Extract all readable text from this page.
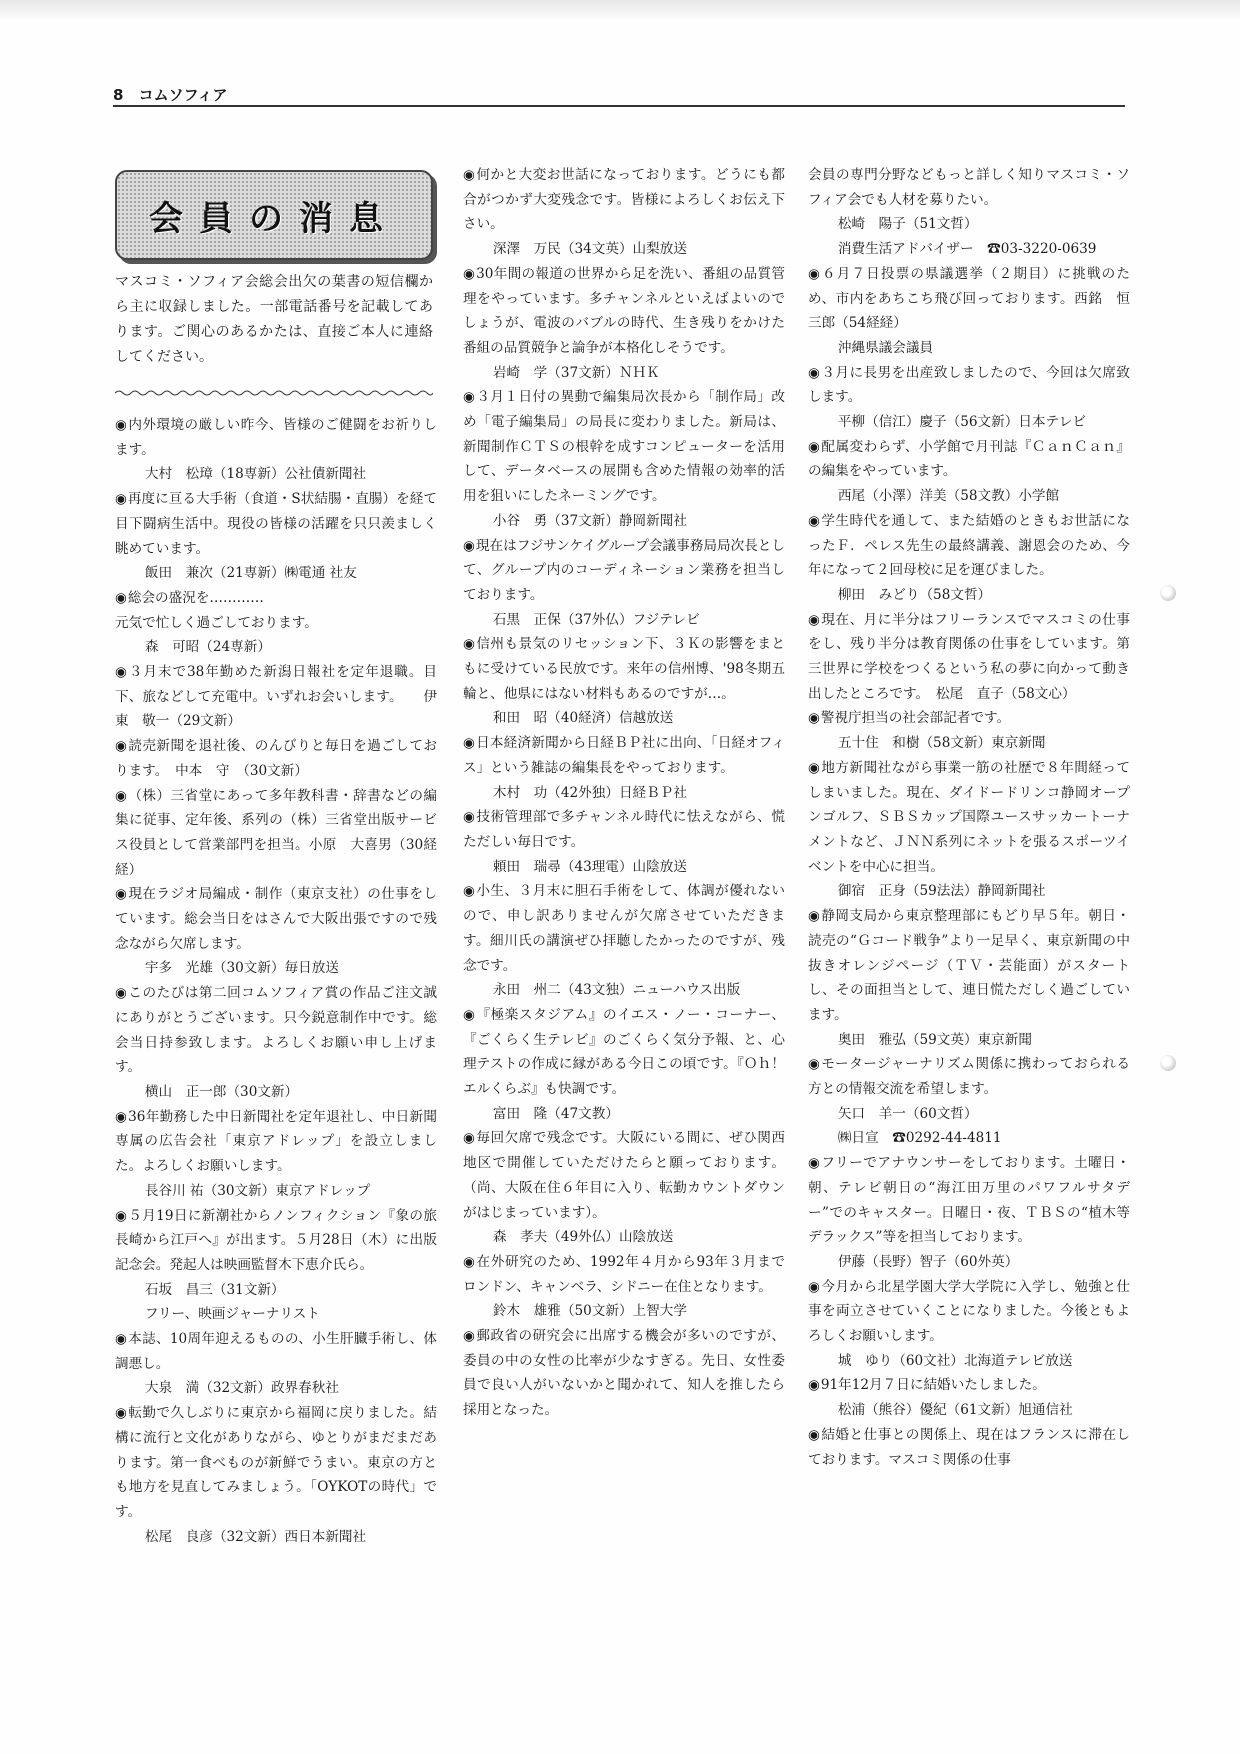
8 コムソフィア
会員の消息
マスコミ・ソフィア会総会出欠の葉書の短信欄から主に収録しました。一部電話番号を記載してあります。ご関心のあるかたは、直接ご本人に連絡してください。

◉内外環境の厳しい昨今、皆様のご健闘をお祈りします。

大村　松璋（18専新）公社債新聞社

◉再度に亘る大手術（食道・S状結腸・直腸）を経て目下闘病生活中。現役の皆様の活躍を只只羨ましく眺めています。

飯田　兼次（21専新）㈱電通 社友

◉総会の盛況を…………

元気で忙しく過ごしております。

森　可昭（24専新）

◉３月末で38年勤めた新潟日報社を定年退職。目下、旅などして充電中。いずれお会いします。　　伊東　敬一（29文新）

◉読売新聞を退社後、のんびりと毎日を過ごしております。　中本　守　（30文新）

◉（株）三省堂にあって多年教科書・辞書などの編集に従事、定年後、系列の（株）三省堂出版サービス役員として営業部門を担当。小原　大喜男（30経経）

◉現在ラジオ局編成・制作（東京支社）の仕事をしています。総会当日をはさんで大阪出張ですので残念ながら欠席します。

宇多　光雄（30文新）毎日放送

◉このたびは第二回コムソフィア賞の作品ご注文誠にありがとうございます。只今鋭意制作中です。総会当日持参致します。よろしくお願い申し上げます。

横山　正一郎（30文新）

◉36年勤務した中日新聞社を定年退社し、中日新聞専属の広告会社「東京アドレップ」を設立しました。よろしくお願いします。

長谷川 祐（30文新）東京アドレップ

◉５月19日に新潮社からノンフィクション『象の旅 長崎から江戸へ』が出ます。５月28日（木）に出版記念会。発起人は映画監督木下恵介氏ら。

石坂　昌三（31文新）

フリー、映画ジャーナリスト

◉本誌、10周年迎えるものの、小生肝臓手術し、体調悪し。

大泉　満（32文新）政界春秋社

◉転勤で久しぶりに東京から福岡に戻りました。結構に流行と文化がありながら、ゆとりがまだまだあります。第一食べものが新鮮でうまい。東京の方とも地方を見直してみましょう。「OYKOTの時代」です。

松尾　良彦（32文新）西日本新聞社

◉何かと大変お世話になっております。どうにも都合がつかず大変残念です。皆様によろしくお伝え下さい。

深澤　万民（34文英）山梨放送

◉30年間の報道の世界から足を洗い、番組の品質管理をやっています。多チャンネルといえばよいのでしょうが、電波のバブルの時代、生き残りをかけた番組の品質競争と論争が本格化しそうです。

岩崎　学（37文新）ＮＨＫ

◉３月１日付の異動で編集局次長から「制作局」改め「電子編集局」の局長に変わりました。新局は、新聞制作ＣＴＳの根幹を成すコンピューターを活用して、データベースの展開も含めた情報の効率的活用を狙いにしたネーミングです。

小谷　勇（37文新）静岡新聞社

◉現在はフジサンケイグループ会議事務局局次長として、グループ内のコーディネーション業務を担当しております。

石黒　正保（37外仏）フジテレビ

◉信州も景気のリセッション下、３Ｋの影響をまともに受けている民放です。来年の信州博、'98冬期五輪と、他県にはない材料もあるのですが…。

和田　昭（40経済）信越放送

◉日本経済新聞から日経ＢＰ社に出向、「日経オフィス」という雑誌の編集長をやっております。

木村　功（42外独）日経ＢＰ社

◉技術管理部で多チャンネル時代に怯えながら、慌ただしい毎日です。

頼田　瑞尋（43理電）山陰放送

◉小生、３月末に胆石手術をして、体調が優れないので、申し訳ありませんが欠席させていただきます。細川氏の講演ぜひ拝聴したかったのですが、残念です。

永田　州二（43文独）ニューハウス出版

◉『極楽スタジアム』のイエス・ノー・コーナー、『ごくらく生テレビ』のごくらく気分予報、と、心理テストの作成に縁がある今日この頃です。『Ｏｈ！エルくらぶ』も快調です。

富田　隆（47文教）

◉毎回欠席で残念です。大阪にいる間に、ぜひ関西地区で開催していただけたらと願っております。（尚、大阪在住６年目に入り、転勤カウントダウンがはじまっています）。

森　孝夫（49外仏）山陰放送

◉在外研究のため、1992年４月から93年３月までロンドン、キャンベラ、シドニー在住となります。

鈴木　雄雅（50文新）上智大学

◉郵政省の研究会に出席する機会が多いのですが、委員の中の女性の比率が少なすぎる。先日、女性委員で良い人がいないかと聞かれて、知人を推したら採用となった。

会員の専門分野などもっと詳しく知りマスコミ・ソフィア会でも人材を募りたい。

松崎　陽子（51文哲）

消費生活アドバイザー　☎03-3220-0639

◉６月７日投票の県議選挙（２期目）に挑戦のため、市内をあちこち飛び回っております。西銘　恒三郎（54経経）

沖縄県議会議員

◉３月に長男を出産致しましたので、今回は欠席致します。

平柳（信江）慶子（56文新）日本テレビ

◉配属変わらず、小学館で月刊誌『ＣａｎＣａｎ』の編集をやっています。

西尾（小澤）洋美（58文教）小学館

◉学生時代を通して、また結婚のときもお世話になったＦ．ペレス先生の最終講義、謝恩会のため、今年になって２回母校に足を運びました。

柳田　みどり（58文哲）

◉現在、月に半分はフリーランスでマスコミの仕事をし、残り半分は教育関係の仕事をしています。第三世界に学校をつくるという私の夢に向かって動き出したところです。　松尾　直子（58文心）

◉警視庁担当の社会部記者です。

五十住　和樹（58文新）東京新聞

◉地方新聞社ながら事業一筋の社歴で８年間経ってしまいました。現在、ダイドードリンコ静岡オープンゴルフ、ＳＢＳカップ国際ユースサッカートーナメントなど、ＪＮＮ系列にネットを張るスポーツイベントを中心に担当。

御宿　正身（59法法）静岡新聞社

◉静岡支局から東京整理部にもどり早５年。朝日・読売の“Ｇコード戦争”より一足早く、東京新聞の中抜きオレンジページ（ＴＶ・芸能面）がスタートし、その面担当として、連日慌ただしく過ごしています。

奥田　雅弘（59文英）東京新聞

◉モータージャーナリズム関係に携わっておられる方との情報交流を希望します。

矢口　羊一（60文哲）

㈱日宣　☎0292-44-4811

◉フリーでアナウンサーをしております。土曜日・朝、テレビ朝日の“海江田万里のパワフルサタデー”でのキャスター。日曜日・夜、ＴＢＳの“植木等デラックス”等を担当しております。

伊藤（長野）智子（60外英）

◉今月から北星学園大学大学院に入学し、勉強と仕事を両立させていくことになりました。今後ともよろしくお願いします。

城　ゆり（60文社）北海道テレビ放送

◉91年12月７日に結婚いたしました。

松浦（熊谷）優紀（61文新）旭通信社

◉結婚と仕事との関係上、現在はフランスに滞在しております。マスコミ関係の仕事
